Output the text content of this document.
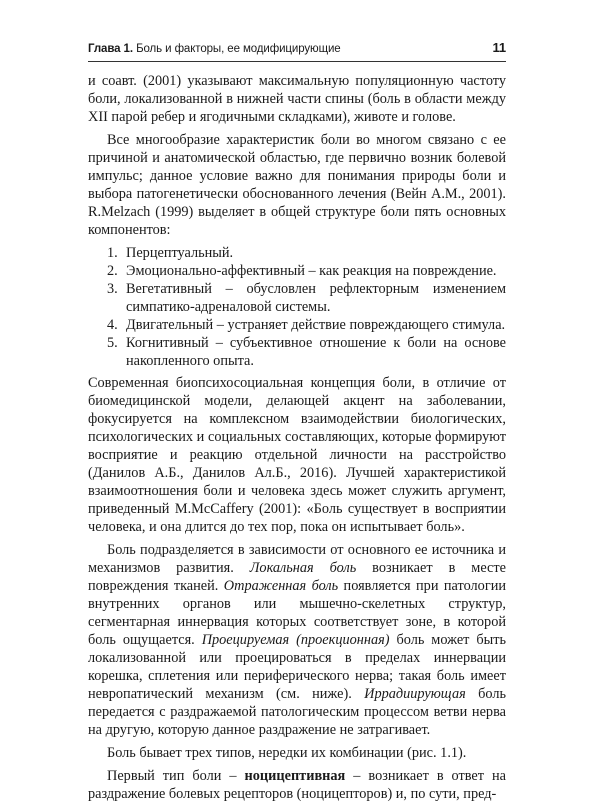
Глава 1. Боль и факторы, ее модифицирующие	11

и соавт. (2001) указывают максимальную популяционную частоту боли, локализованной в нижней части спины (боль в области между XII парой ребер и ягодичными складками), животе и голове.

Все многообразие характеристик боли во многом связано с ее причиной и анатомической областью, где первично возник болевой импульс; данное условие важно для понимания природы боли и выбора патогенетически обоснованного лечения (Вейн А.М., 2001). R.Melzach (1999) выделяет в общей структуре боли пять основных компонентов:

1. Перцептуальный.
2. Эмоционально-аффективный – как реакция на повреждение.
3. Вегетативный – обусловлен рефлекторным изменением симпатико-адреналовой системы.
4. Двигательный – устраняет действие повреждающего стимула.
5. Когнитивный – субъективное отношение к боли на основе накопленного опыта.

Современная биопсихосоциальная концепция боли, в отличие от биомедицинской модели, делающей акцент на заболевании, фокусируется на комплексном взаимодействии биологических, психологических и социальных составляющих, которые формируют восприятие и реакцию отдельной личности на расстройство (Данилов А.Б., Данилов Ал.Б., 2016). Лучшей характеристикой взаимоотношения боли и человека здесь может служить аргумент, приведенный M.McCaffery (2001): «Боль существует в восприятии человека, и она длится до тех пор, пока он испытывает боль».

Боль подразделяется в зависимости от основного ее источника и механизмов развития. Локальная боль возникает в месте повреждения тканей. Отраженная боль появляется при патологии внутренних органов или мышечно-скелетных структур, сегментарная иннервация которых соответствует зоне, в которой боль ощущается. Проецируемая (проекционная) боль может быть локализованной или проецироваться в пределах иннервации корешка, сплетения или периферического нерва; такая боль имеет невропатический механизм (см. ниже). Иррадиирующая боль передается с раздражаемой патологическим процессом ветви нерва на другую, которую данное раздражение не затрагивает.

Боль бывает трех типов, нередки их комбинации (рис. 1.1).

Первый тип боли – ноцицептивная – возникает в ответ на раздражение болевых рецепторов (ноцицепторов) и, по сути, пред-
